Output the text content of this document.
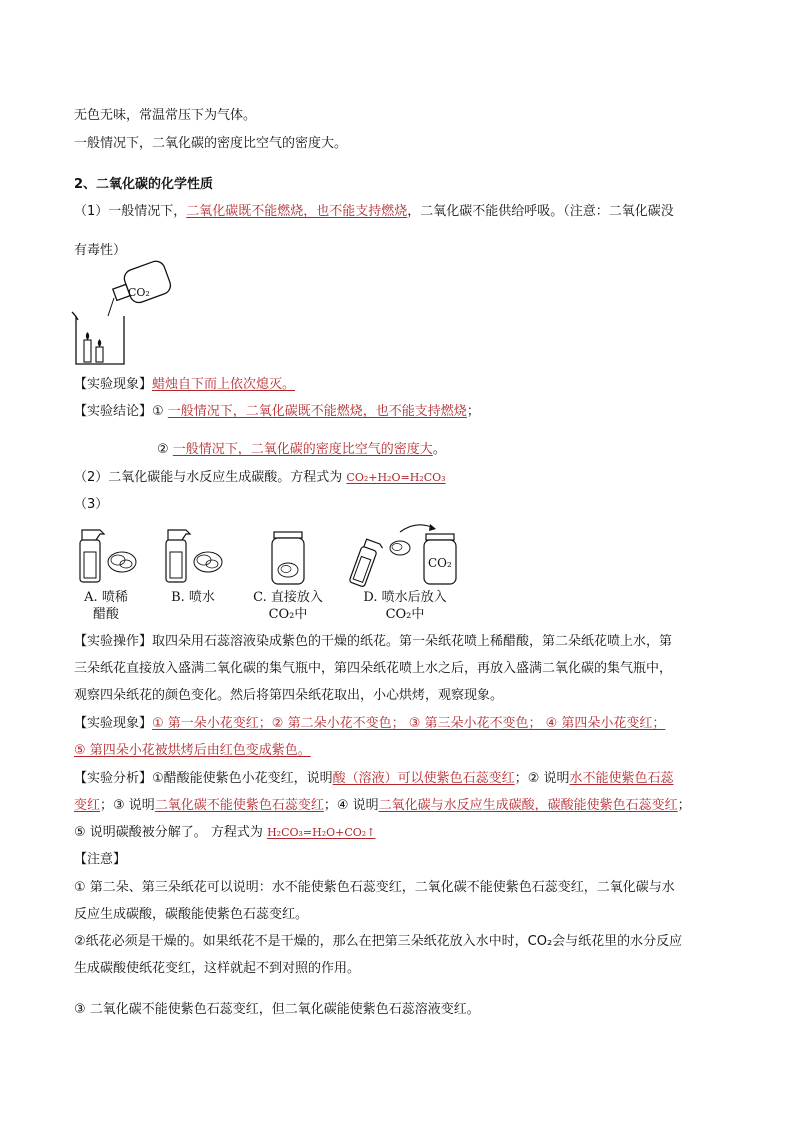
无色无味，常温常压下为气体。
一般情况下，二氧化碳的密度比空气的密度大。
2、二氧化碳的化学性质
（1）一般情况下，二氧化碳既不能燃烧，也不能支持燃烧，二氧化碳不能供给呼吸。（注意：二氧化碳没
有毒性）
CO₂
【实验现象】蜡烛自下而上依次熄灭。
【实验结论】① 一般情况下，二氧化碳既不能燃烧，也不能支持燃烧；
② 一般情况下，二氧化碳的密度比空气的密度大。
（2）二氧化碳能与水反应生成碳酸。方程式为 CO₂+H₂O=H₂CO₃
（3）
CO₂
A. 喷稀
醋酸
B. 喷水	C. 直接放入
CO₂中
D. 喷水后放入
CO₂中
【实验操作】取四朵用石蕊溶液染成紫色的干燥的纸花。第一朵纸花喷上稀醋酸，第二朵纸花喷上水，第
三朵纸花直接放入盛满二氧化碳的集气瓶中，第四朵纸花喷上水之后，再放入盛满二氧化碳的集气瓶中，
观察四朵纸花的颜色变化。然后将第四朵纸花取出，小心烘烤，观察现象。
【实验现象】① 第一朵小花变红；② 第二朵小花不变色； ③ 第三朵小花不变色； ④ 第四朵小花变红；
⑤ 第四朵小花被烘烤后由红色变成紫色。
【实验分析】①醋酸能使紫色小花变红，说明酸（溶液）可以使紫色石蕊变红；② 说明水不能使紫色石蕊
变红；③ 说明二氧化碳不能使紫色石蕊变红；④ 说明二氧化碳与水反应生成碳酸，碳酸能使紫色石蕊变红；
⑤ 说明碳酸被分解了。 方程式为 H₂CO₃=H₂O+CO₂↑
【注意】
① 第二朵、第三朵纸花可以说明：水不能使紫色石蕊变红，二氧化碳不能使紫色石蕊变红，二氧化碳与水
反应生成碳酸，碳酸能使紫色石蕊变红。
②纸花必须是干燥的。如果纸花不是干燥的，那么在把第三朵纸花放入水中时，CO₂会与纸花里的水分反应
生成碳酸使纸花变红，这样就起不到对照的作用。
③ 二氧化碳不能使紫色石蕊变红，但二氧化碳能使紫色石蕊溶液变红。
